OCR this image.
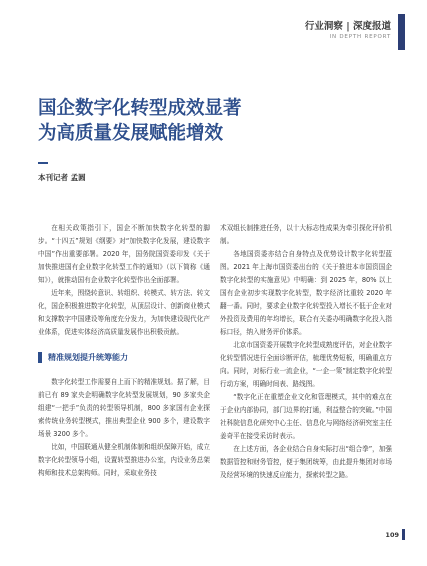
行业洞察 | 深度报道
IN DEPTH REPORT
国企数字化转型成效显著
为高质量发展赋能增效
本刊记者 孟圆

在相关政策指引下，国企不断加快数字化转型的脚步。“十四五”规划《纲要》对“加快数字化发展，建设数字中国”作出重要部署。2020 年，国务院国资委印发《关于加快推进国有企业数字化转型工作的通知》（以下简称《通知》），就推动国有企业数字化转型作出全面部署。

近年来，围绕转意识、转组织、转模式、转方法、转文化，国企积极推进数字化转型，从顶层设计、创新商业模式和支撑数字中国建设等角度充分发力，为加快建设现代化产业体系，促进实体经济高质量发展作出积极贡献。

精准规划提升统筹能力

数字化转型工作需要自上而下的精准规划。据了解，目前已有 89 家央企明确数字化转型发展规划，90 多家央企组建“一把手”负责的转型领导机制，800 多家国有企业探索传统业务转型模式，推出典型企业 900 多个，建设数字场景 3200 多个。

比如，中国联通从健全机制体制和组织保障开始，成立数字化转型领导小组，设置转型推进办公室，内设业务总架构师和技术总架构师。同时，采取业务技

术双组长制推进任务，以十大标志性成果为牵引探化评价机制。

各地国资委亦结合自身特点及优势设计数字化转型蓝图。2021 年上海市国资委出台的《关于推进本市国资国企数字化转型的实施意见》中明确：到 2025 年，80% 以上国有企业初步实现数字化转型，数字经济比重较 2020 年翻一番。同时，要求企业数字化转型投入增长不低于企业对外投资及费用的年均增长，联合有关委办明确数字化投入指标口径，纳入财务评价体系。

北京市国资委开展数字化转型成熟度评估，对企业数字化转型情况进行全面诊断评估，梳理优势短板，明确重点方向。同时，对标行业一流企业，“一企一策”制定数字化转型行动方案，明确时间表、路线图。

“数字化正在重塑企业文化和管理模式，其中的难点在于企业内部协同，部门边界的打通，利益整合的突破。”中国社科院信息化研究中心主任、信息化与网络经济研究室主任姜奇平在接受采访时表示。

在上述方面，各企业结合自身实际打出“组合拳”，加强数据管控和财务管控，便于集团统筹，由此提升集团对市场及经营环境的快速反应能力，探索转型之路。

109
